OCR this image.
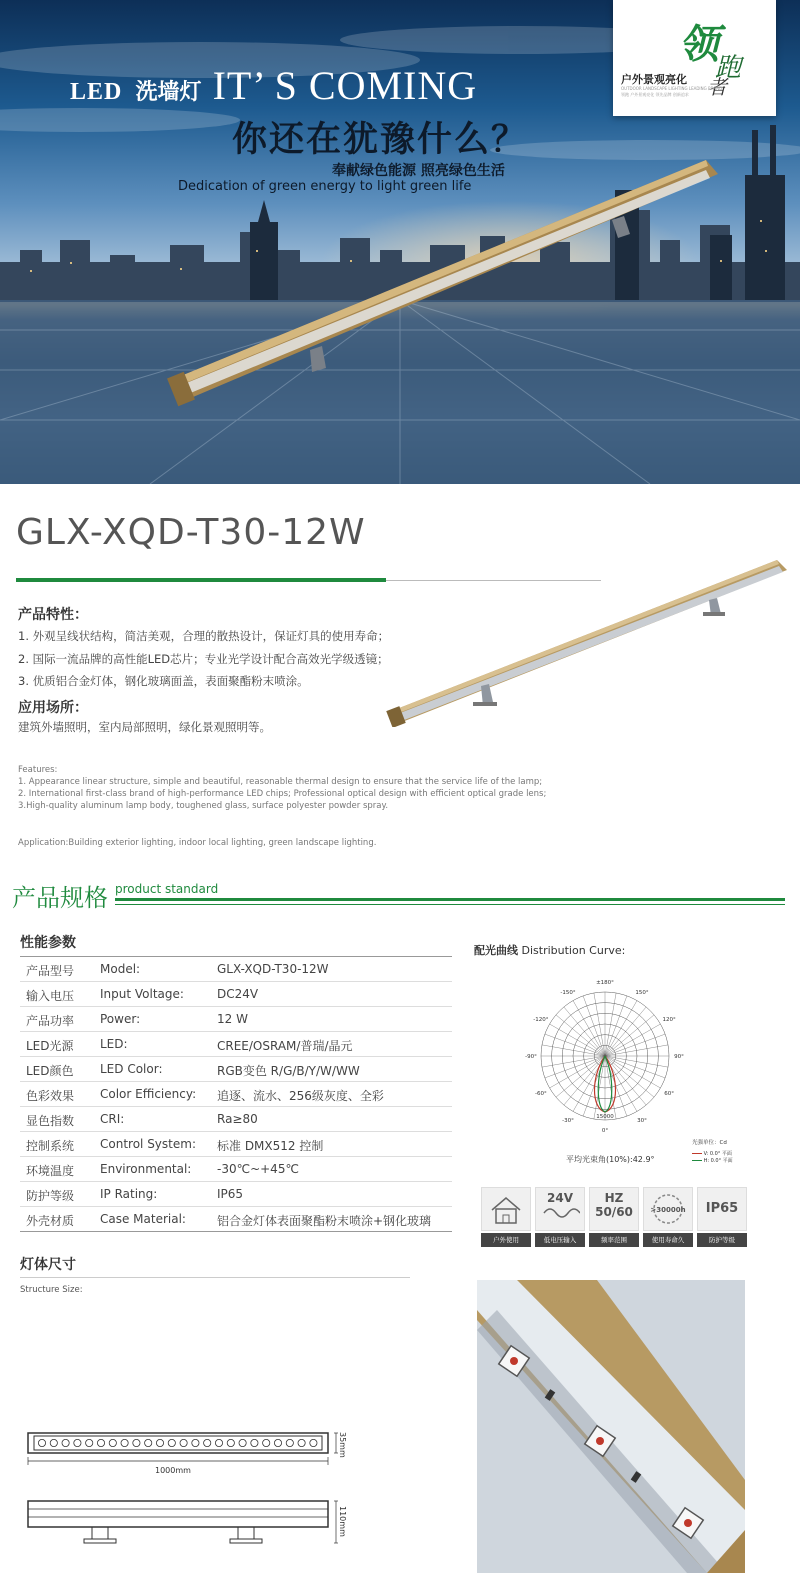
LED 洗墙灯 IT’ S COMING
你还在犹豫什么？
奉献绿色能源 照亮绿色生活
Dedication of green energy to light green life
领
跑
者
户外景观亮化
OUTDOOR LANDSCAPE LIGHTING LEADING BRAND
领跑 户外景观亮化 领先品牌 创新追求
GLX-XQD-T30-12W
产品特性：
1. 外观呈线状结构，简洁美观，合理的散热设计，保证灯具的使用寿命；
2. 国际一流品牌的高性能LED芯片；专业光学设计配合高效光学级透镜；
3. 优质铝合金灯体，钢化玻璃面盖，表面聚酯粉末喷涂。
应用场所：
建筑外墙照明，室内局部照明，绿化景观照明等。
Features:
1. Appearance linear structure, simple and beautiful, reasonable thermal design to ensure that the service life of the lamp;
2. International first-class brand of high-performance LED chips; Professional optical design with efficient optical grade lens;
3.High-quality aluminum lamp body, toughened glass, surface polyester powder spray.
Application:Building exterior lighting, indoor local lighting, green landscape lighting.
产品规格 product standard
性能参数
产品型号 Model:	GLX-XQD-T30-12W
输入电压 Input Voltage:	DC24V
产品功率 Power:	12 W
LED光源 LED:	CREE/OSRAM/普瑞/晶元
LED颜色 LED Color:	RGB变色 R/G/B/Y/W/WW
色彩效果 Color Efficiency: 追逐、流水、256级灰度、全彩
显色指数 CRI:	Ra≥80
控制系统 Control System: 标准 DMX512 控制
环境温度 Environmental: -30℃~+45℃
防护等级 IP Rating:	IP65
外壳材质 Case Material:	铝合金灯体表面聚酯粉末喷涂+钢化玻璃
配光曲线 Distribution Curve:
±180°
-150°	150°
-120°	120°
-90°	90°
-60°	60°
-30°	30°
0°
15000
平均光束角(10%):42.9°
光强单位：Cd
V: 0.0° 平面
H: 0.0° 平面
户外使用
24V
低电压输入
HZ
50/60
频率范围
>30000h
使用寿命久
IP65
防护等级
灯体尺寸
Structure Size:
1000mm
35mm
110mm
